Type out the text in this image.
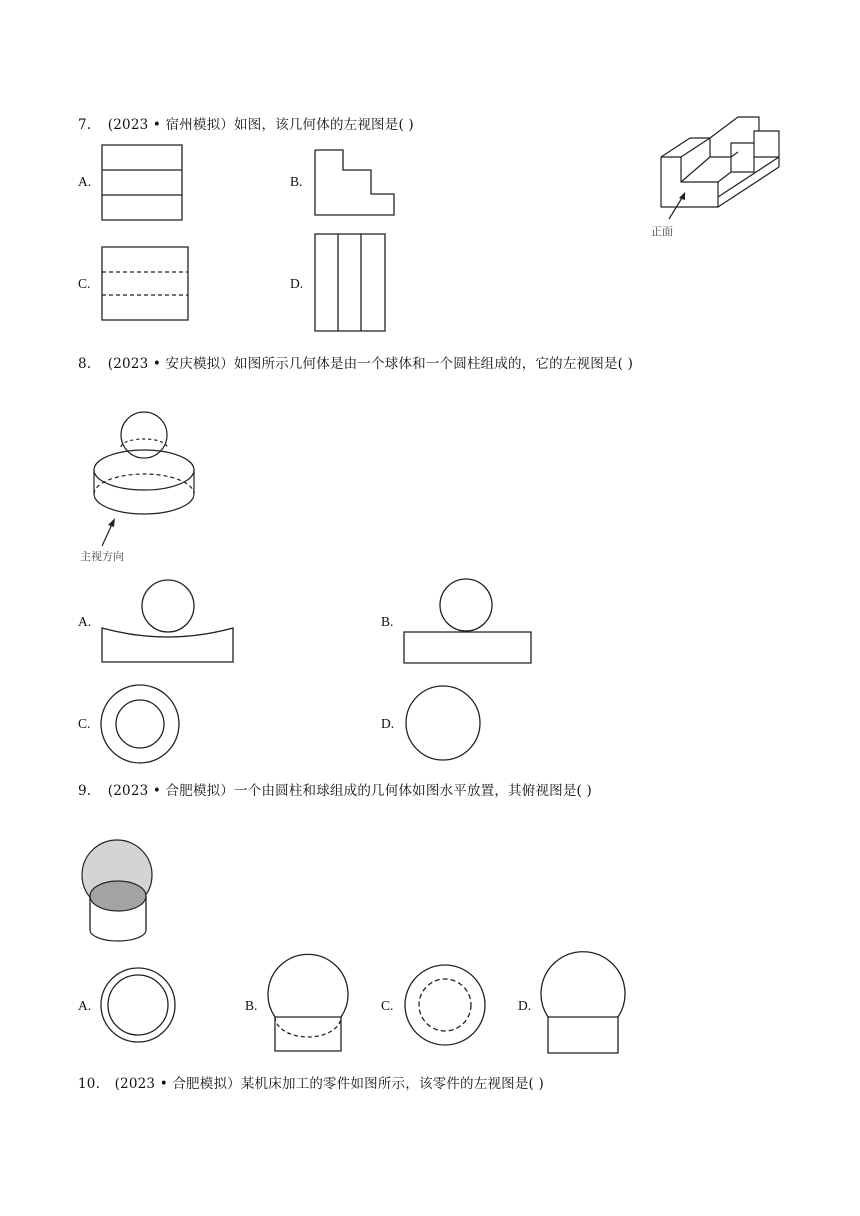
7. (2023 • 宿州模拟）如图，该几何体的左视图是( )
A.	B.
C.	D.
正面
8. (2023 • 安庆模拟）如图所示几何体是由一个球体和一个圆柱组成的，它的左视图是( )
主视方向
A.	B.
C.	D.
9. (2023 • 合肥模拟）一个由圆柱和球组成的几何体如图水平放置，其俯视图是( )
A.	B.	C.	D.
10. (2023 • 合肥模拟）某机床加工的零件如图所示，该零件的左视图是( )
